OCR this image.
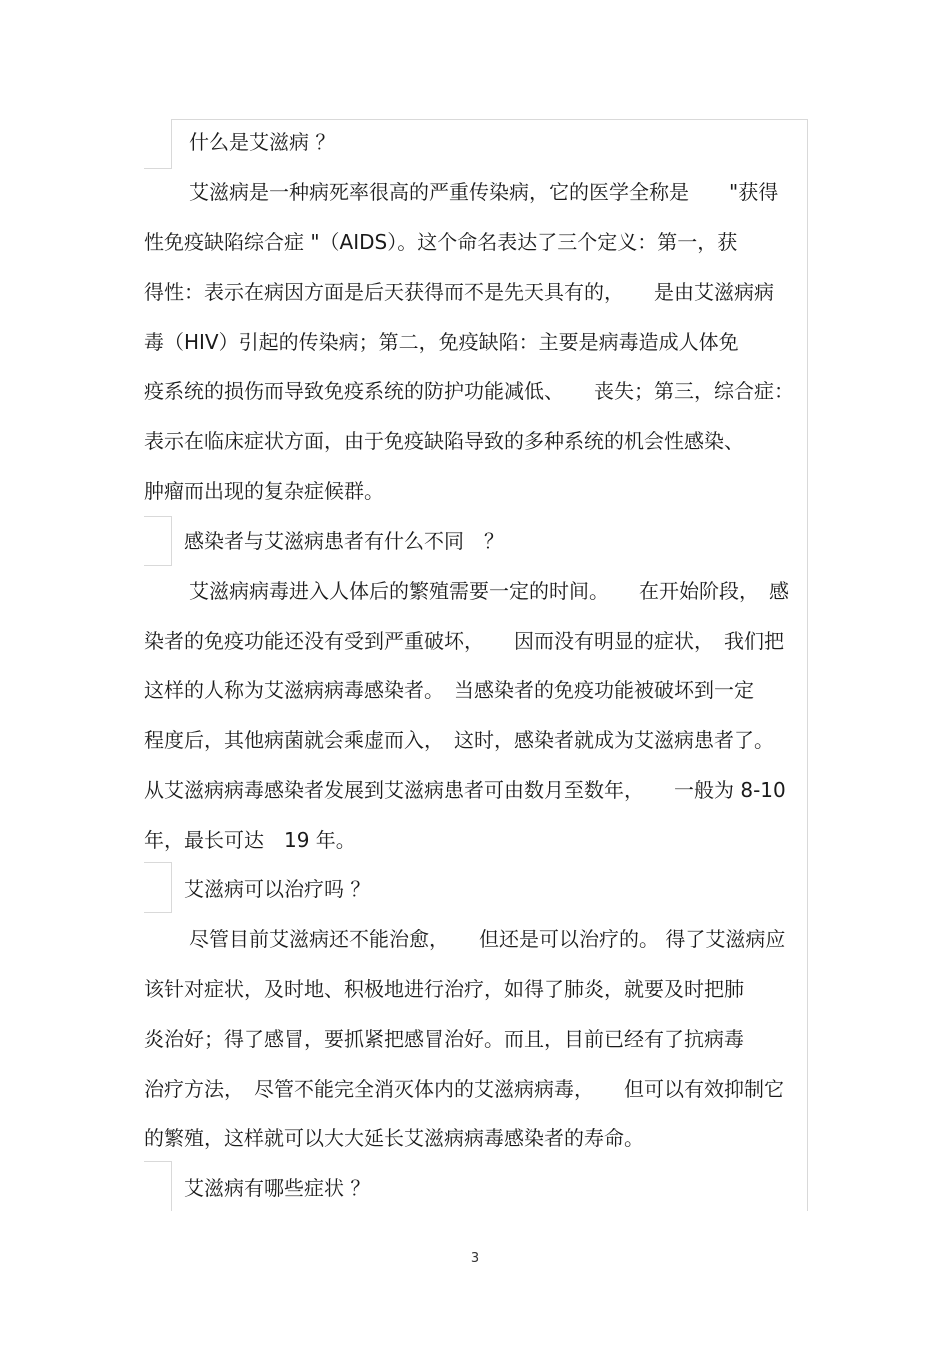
什么是艾滋病 ？
艾滋病是一种病死率很高的严重传染病，它的医学全称是　　"获得
性免疫缺陷综合症 "（AIDS）。这个命名表达了三个定义：第一，获
得性：表示在病因方面是后天获得而不是先天具有的，　　是由艾滋病病
毒（HIV）引起的传染病；第二，免疫缺陷：主要是病毒造成人体免
疫系统的损伤而导致免疫系统的防护功能减低、　　丧失；第三，综合症：
表示在临床症状方面，由于免疫缺陷导致的多种系统的机会性感染、
肿瘤而出现的复杂症候群。
感染者与艾滋病患者有什么不同　？
艾滋病病毒进入人体后的繁殖需要一定的时间。　　在开始阶段，　感
染者的免疫功能还没有受到严重破坏，　　因而没有明显的症状，　我们把
这样的人称为艾滋病病毒感染者。　当感染者的免疫功能被破坏到一定
程度后，其他病菌就会乘虚而入，　这时，感染者就成为艾滋病患者了。
从艾滋病病毒感染者发展到艾滋病患者可由数月至数年，　　一般为 8-10
年，最长可达　19 年。
艾滋病可以治疗吗 ？
尽管目前艾滋病还不能治愈，　　但还是可以治疗的。 得了艾滋病应
该针对症状，及时地、积极地进行治疗，如得了肺炎，就要及时把肺
炎治好；得了感冒，要抓紧把感冒治好。而且，目前已经有了抗病毒
治疗方法，　尽管不能完全消灭体内的艾滋病病毒，　　但可以有效抑制它
的繁殖，这样就可以大大延长艾滋病病毒感染者的寿命。
艾滋病有哪些症状 ？
3
